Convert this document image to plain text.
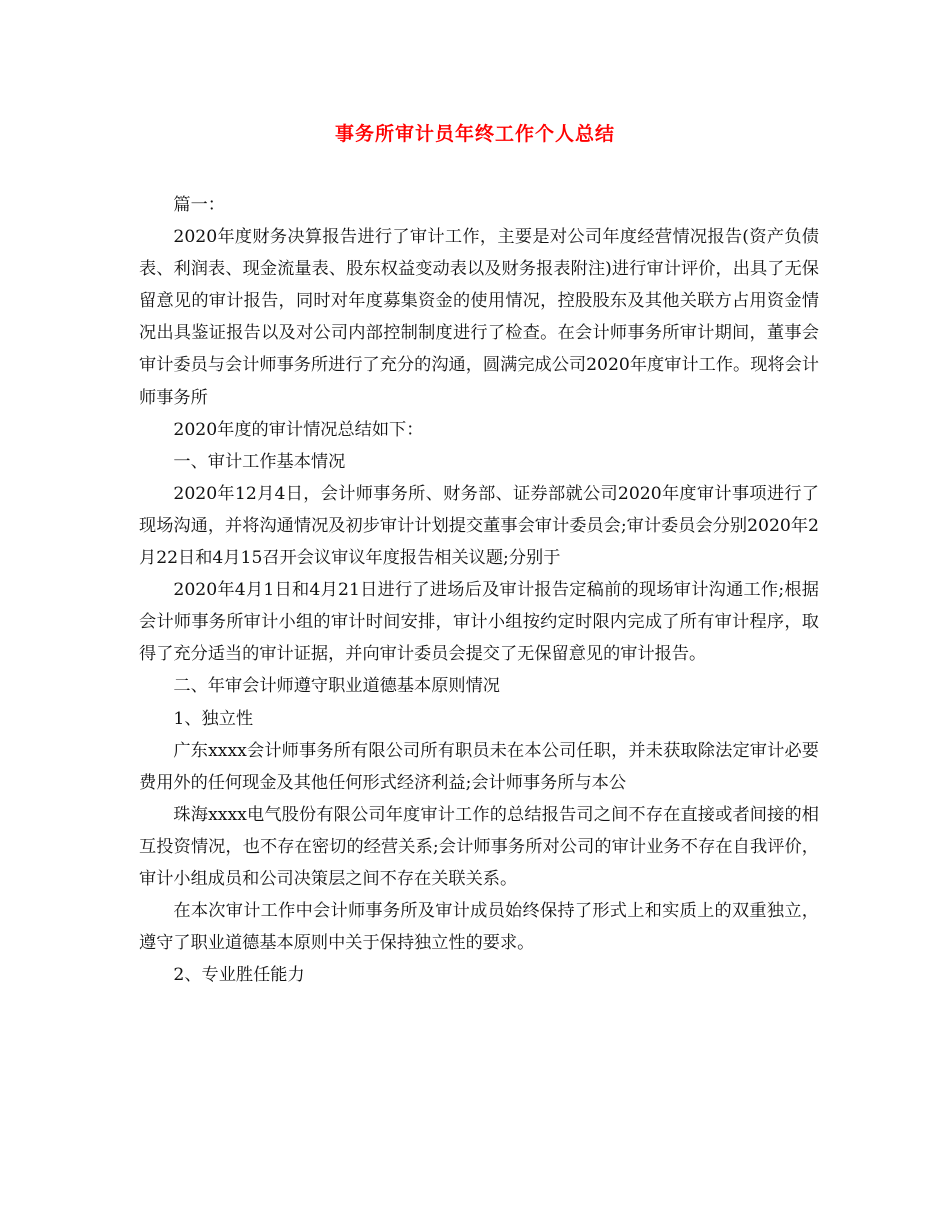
事务所审计员年终工作个人总结

篇一：

2020年度财务决算报告进行了审计工作，主要是对公司年度经营情况报告(资产负债表、利润表、现金流量表、股东权益变动表以及财务报表附注)进行审计评价，出具了无保留意见的审计报告，同时对年度募集资金的使用情况，控股股东及其他关联方占用资金情况出具鉴证报告以及对公司内部控制制度进行了检查。在会计师事务所审计期间，董事会审计委员与会计师事务所进行了充分的沟通，圆满完成公司2020年度审计工作。现将会计师事务所

2020年度的审计情况总结如下：

一、审计工作基本情况

2020年12月4日，会计师事务所、财务部、证券部就公司2020年度审计事项进行了现场沟通，并将沟通情况及初步审计计划提交董事会审计委员会;审计委员会分别2020年2月22日和4月15召开会议审议年度报告相关议题;分别于

2020年4月1日和4月21日进行了进场后及审计报告定稿前的现场审计沟通工作;根据会计师事务所审计小组的审计时间安排，审计小组按约定时限内完成了所有审计程序，取得了充分适当的审计证据，并向审计委员会提交了无保留意见的审计报告。

二、年审会计师遵守职业道德基本原则情况

1、独立性

广东xxxx会计师事务所有限公司所有职员未在本公司任职，并未获取除法定审计必要费用外的任何现金及其他任何形式经济利益;会计师事务所与本公

珠海xxxx电气股份有限公司年度审计工作的总结报告司之间不存在直接或者间接的相互投资情况，也不存在密切的经营关系;会计师事务所对公司的审计业务不存在自我评价，审计小组成员和公司决策层之间不存在关联关系。

在本次审计工作中会计师事务所及审计成员始终保持了形式上和实质上的双重独立，遵守了职业道德基本原则中关于保持独立性的要求。

2、专业胜任能力
